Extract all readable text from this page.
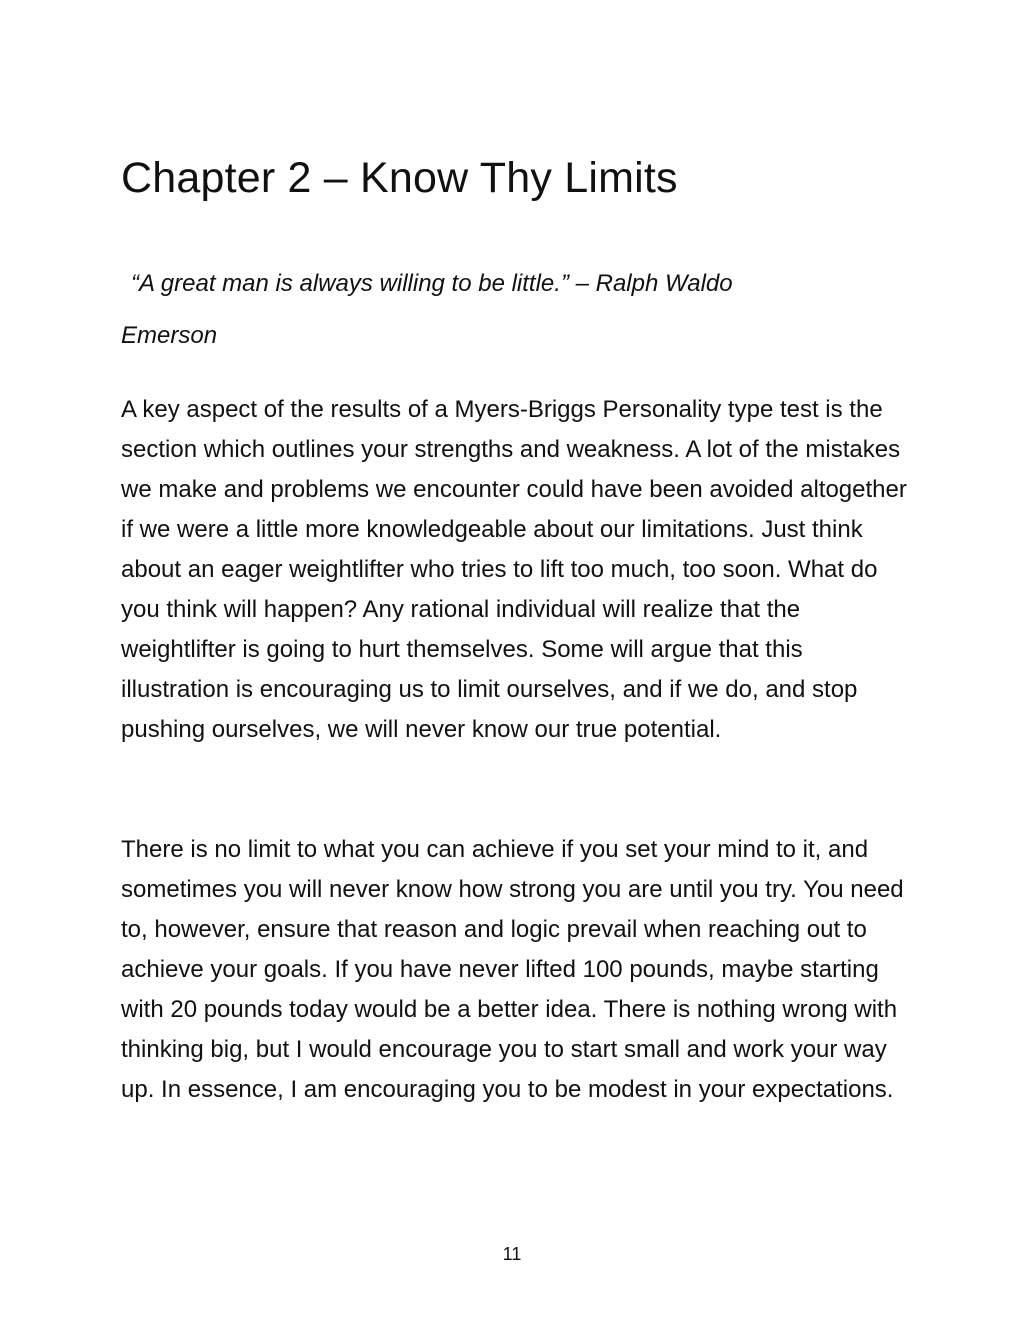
Chapter 2 – Know Thy Limits

“A great man is always willing to be little.” – Ralph Waldo Emerson

A key aspect of the results of a Myers-Briggs Personality type test is the section which outlines your strengths and weakness. A lot of the mistakes we make and problems we encounter could have been avoided altogether if we were a little more knowledgeable about our limitations. Just think about an eager weightlifter who tries to lift too much, too soon. What do you think will happen? Any rational individual will realize that the weightlifter is going to hurt themselves. Some will argue that this illustration is encouraging us to limit ourselves, and if we do, and stop pushing ourselves, we will never know our true potential.

There is no limit to what you can achieve if you set your mind to it, and sometimes you will never know how strong you are until you try. You need to, however, ensure that reason and logic prevail when reaching out to achieve your goals. If you have never lifted 100 pounds, maybe starting with 20 pounds today would be a better idea. There is nothing wrong with thinking big, but I would encourage you to start small and work your way up. In essence, I am encouraging you to be modest in your expectations.

11
